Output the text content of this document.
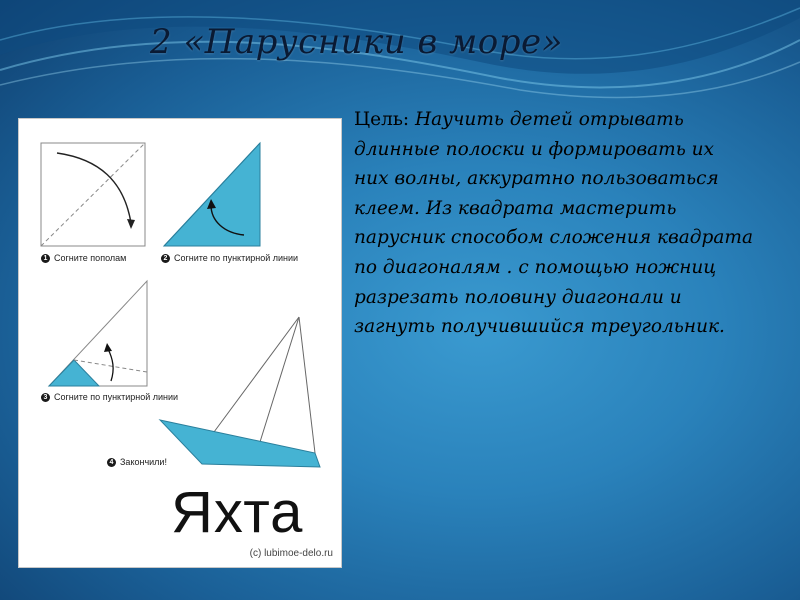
2 «Парусники в море»
1 Согните пополам	2 Согните по пунктирной линии
3 Согните по пунктирной линии
4 Закончили!
Яхта
(c) lubimoe-delo.ru

Цель: Научить детей отрывать длинные полоски и формировать их них волны, аккуратно пользоваться клеем. Из квадрата мастерить парусник способом сложения квадрата по диагоналям . с помощью ножниц разрезать половину диагонали и загнуть получившийся треугольник.
